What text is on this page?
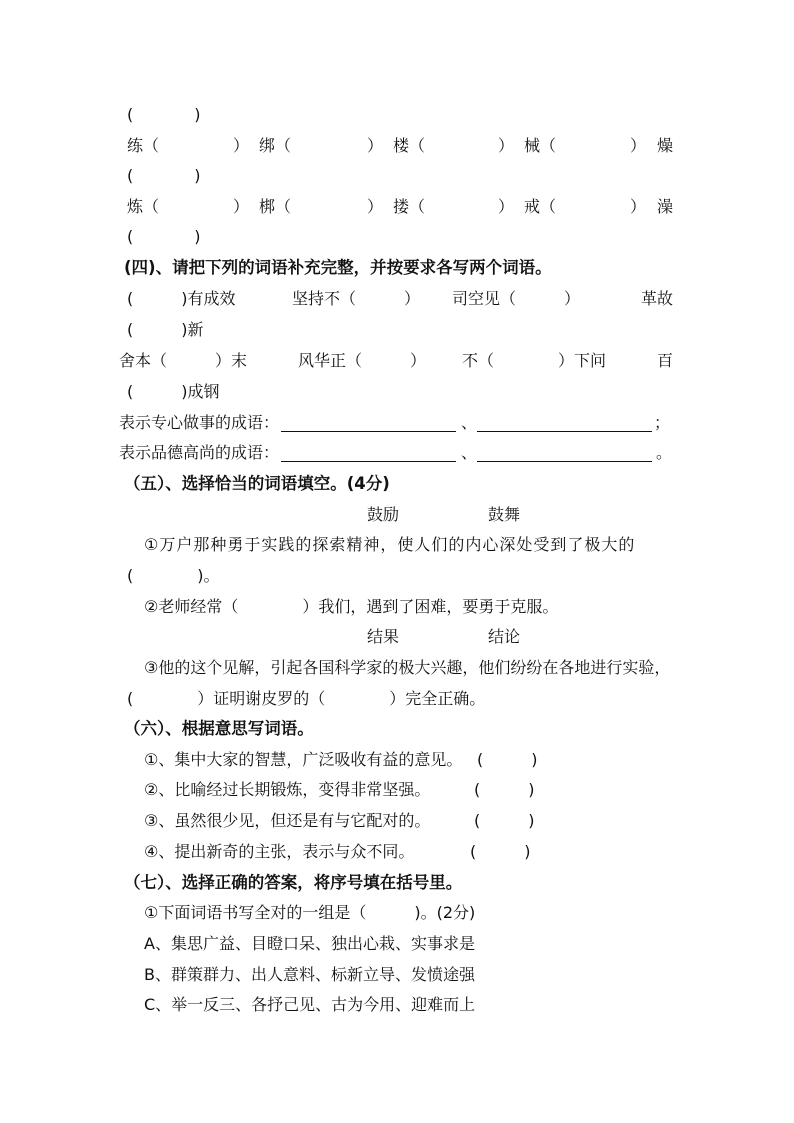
(            )
练（	） 绑（	） 楼（	） 械（	） 燥
(            )
炼（	） 梆（	） 搂（	） 戒（	） 澡
(            )
(四)、请把下列的词语补充完整，并按要求各写两个词语。
(　　　)有成效	坚持不（　　　） 司空见（　　　）	革故
(　　　)新
舍本（　　　）末	风华正（　　　） 不（　　　　）下问	百
(　　　)成钢
表示专心做事的成语：	、	；
表示品德高尚的成语：	、	。
（五）、选择恰当的词语填空。(4分)
鼓励	鼓舞
①万户那种勇于实践的探索精神，使人们的内心深处受到了极大的
(　　　　)。
②老师经常（　　　　）我们，遇到了困难，要勇于克服。
结果	结论
③他的这个见解，引起各国科学家的极大兴趣，他们纷纷在各地进行实验，
(　　　　）证明谢皮罗的（　　　　）完全正确。
（六）、根据意思写词语。
①、集中大家的智慧，广泛吸收有益的意见。 (　　　)
②、比喻经过长期锻炼，变得非常坚强。	(　　　)
③、虽然很少见，但还是有与它配对的。	(　　　)
④、提出新奇的主张，表示与众不同。	(　　　)
（七）、选择正确的答案，将序号填在括号里。
①下面词语书写全对的一组是（　　　)。(2分)
A、集思广益、目瞪口呆、独出心栽、实事求是
B、群策群力、出人意料、标新立导、发愤途强
C、举一反三、各抒己见、古为今用、迎难而上
